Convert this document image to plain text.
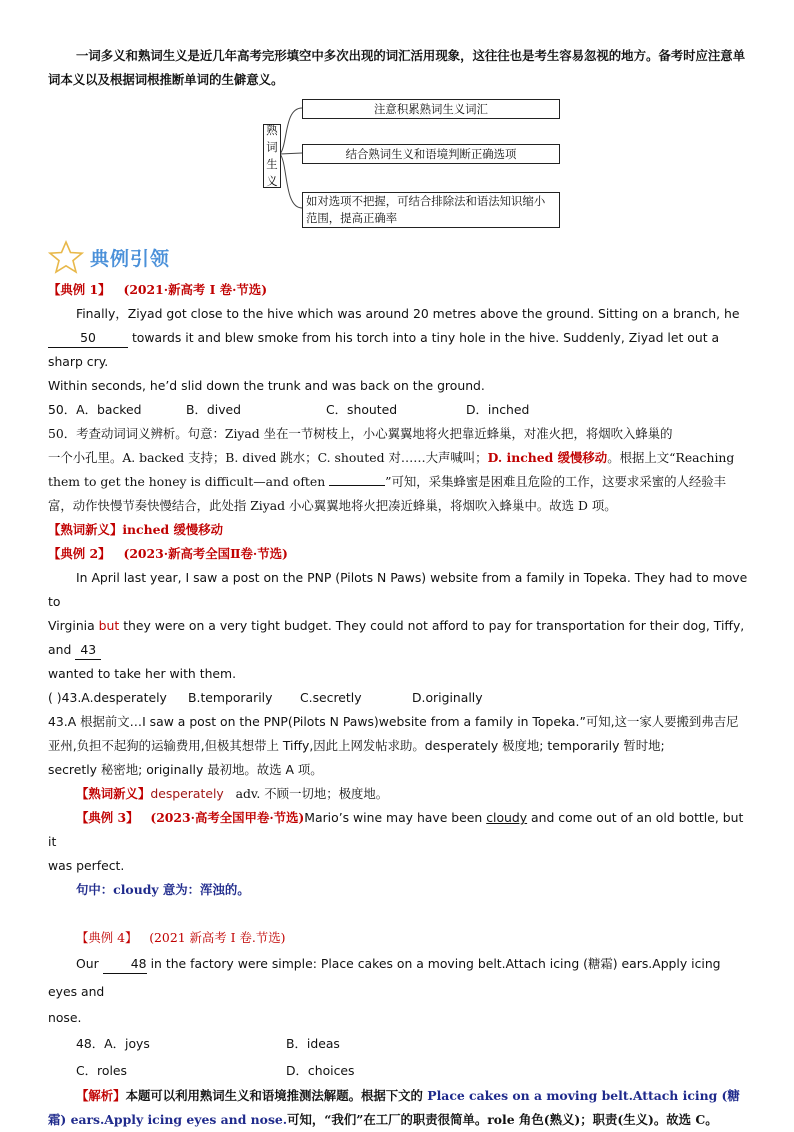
一词多义和熟词生义是近几年高考完形填空中多次出现的词汇活用现象，这往往也是考生容易忽视的地方。备考时应注意单词本义以及根据词根推断单词的生僻意义。

熟
词
生
义
注意积累熟词生义词汇
结合熟词生义和语境判断正确选项
如对选项不把握，可结合排除法和语法知识缩小范围，提高正确率
典例引领

【典例 1】 (2021·新高考 I 卷·节选)

Finally，Ziyad got close to the hive which was around 20 metres above the ground. Sitting on a branch, he

50	towards it and blew smoke from his torch into a tiny hole in the hive. Suddenly, Ziyad let out a sharp cry.

Within seconds, he’d slid down the trunk and was back on the ground.

50．A．backed	B．dived	C．shouted	D．inched

50．考查动词词义辨析。句意：Ziyad 坐在一节树枝上，小心翼翼地将火把靠近蜂巢，对准火把，将烟吹入蜂巢的

一个小孔里。A. backed 支持；B. dived 跳水；C. shouted 对……大声喊叫；D. inched 缓慢移动。根据上文“Reaching

them to get the honey is difficult—and often	”可知，采集蜂蜜是困难且危险的工作，这要求采蜜的人经验丰

富，动作快慢节奏快慢结合，此处指 Ziyad 小心翼翼地将火把凑近蜂巢，将烟吹入蜂巢中。故选 D 项。

【熟词新义】inched 缓慢移动

【典例 2】 (2023·新高考全国Ⅱ卷·节选)

In April last year, I saw a post on the PNP (Pilots N Paws) website from a family in Topeka. They had to move to

Virginia but they were on a very tight budget. They could not afford to pay for transportation for their dog, Tiffy, and 43

wanted to take her with them.

( )43.A.desperately	B.temporarily	C.secretly	D.originally

43.A 根据前文…I saw a post on the PNP(Pilots N Paws)website from a family in Topeka.”可知,这一家人要搬到弗吉尼

亚州,负担不起狗的运输费用,但极其想带上 Tiffy,因此上网发帖求助。desperately 极度地; temporarily 暂时地;

secretly 秘密地; originally 最初地。故选 A 项。

【熟词新义】desperately adv. 不顾一切地；极度地。

【典例 3】 (2023·高考全国甲卷·节选)Mario’s wine may have been cloudy and come out of an old bottle, but it

was perfect.

句中：cloudy 意为：浑浊的。

【典例 4】 (2021 新高考 I 卷.节选)

Our	48 in the factory were simple: Place cakes on a moving belt.Attach icing (糖霜) ears.Apply icing eyes and

nose.

48．A．joys	B．ideas
C．roles	D．choices

【解析】本题可以利用熟词生义和语境推测法解题。根据下文的 Place cakes on a moving belt.Attach icing (糖

霜) ears.Apply icing eyes and nose.可知，“我们”在工厂的职责很简单。role 角色(熟义)；职责(生义)。故选 C。
